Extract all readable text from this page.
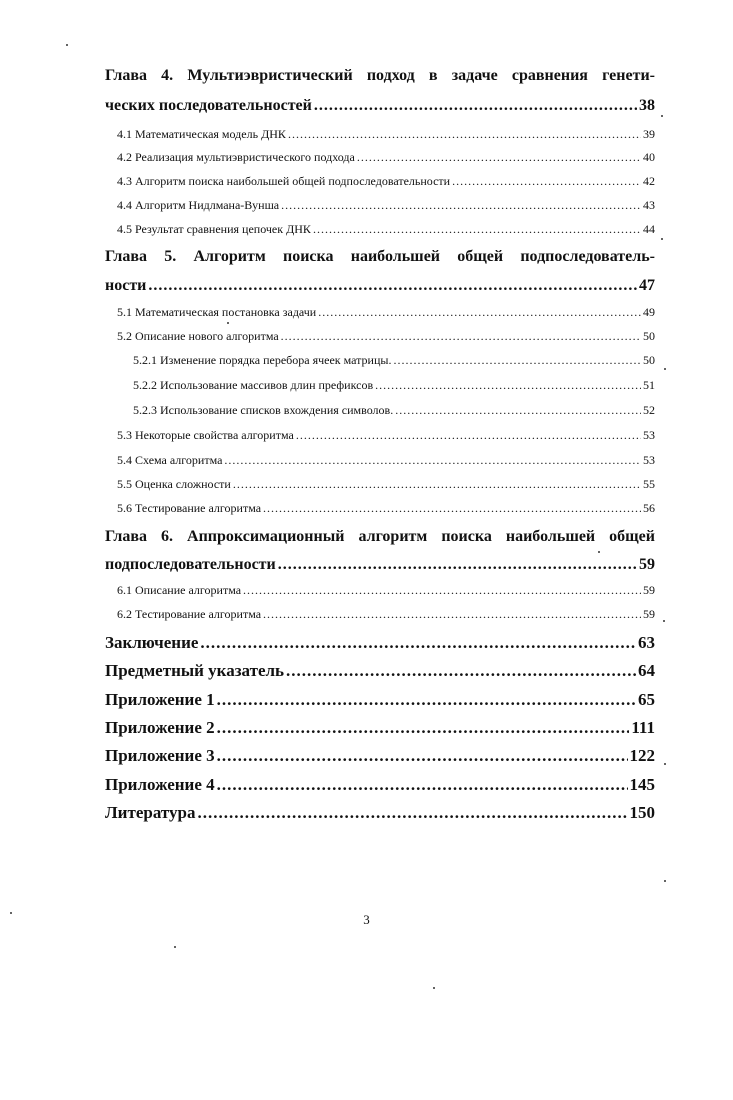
Глава 4. Мультиэвристический подход в задаче сравнения генети-
ческих последовательностей .....	38
4.1 Математическая модель ДНК .....	39
4.2 Реализация мультиэвристического подхода .....	40
4.3 Алгоритм поиска наибольшей общей подпоследовательности .....	42
4.4 Алгоритм Нидлмана-Вунша .....	43
4.5 Результат сравнения цепочек ДНК .....	44
Глава 5. Алгоритм поиска наибольшей общей подпоследователь-
ности .....	47
5.1 Математическая постановка задачи .....	49
5.2 Описание нового алгоритма .....	50
5.2.1 Изменение порядка перебора ячеек матрицы. .....	50
5.2.2 Использование массивов длин префиксов .....	51
5.2.3 Использование списков вхождения символов. .....	52
5.3 Некоторые свойства алгоритма .....	53
5.4 Схема алгоритма .....	53
5.5 Оценка сложности .....	55
5.6 Тестирование алгоритма .....	56
Глава 6. Аппроксимационный алгоритм поиска наибольшей общей
подпоследовательности .....	59
6.1 Описание алгоритма .....	59
6.2 Тестирование алгоритма .....	59
Заключение .....	63
Предметный указатель .....	64
Приложение 1 .....	65
Приложение 2 .....	111
Приложение 3 .....	122
Приложение 4 .....	145
Литература .....	150
3
